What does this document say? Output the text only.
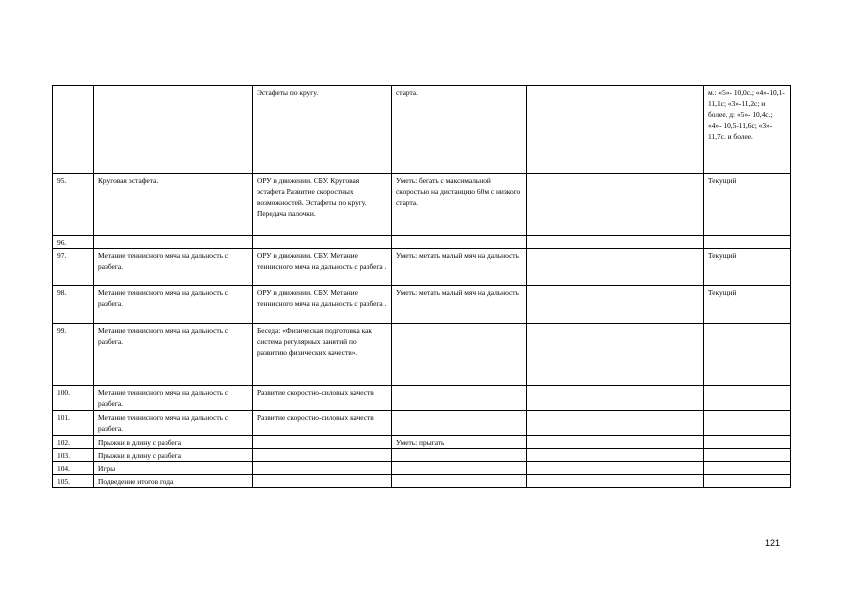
		Эстафеты по кругу.	старта.		м.: «5»- 10,0с.; «4»-10,1-11,1с; «3»-11,2с; и более. д: «5»- 10,4с.; «4»- 10,5-11,6с; «3»- 11,7с. и более.
95.	Круговая эстафета.	ОРУ в движении. СБУ. Круговая эстафета Развитие скоростных возможностей. Эстафеты по кругу. Передача палочки.	Уметь: бегать с максимальной скоростью на дистанцию 60м с низкого старта.		Текущий
96.					
97.	Метание теннисного мяча на дальность с разбега.	ОРУ в движении. СБУ. Метание теннисного мяча на дальность с разбега .	Уметь: метать малый мяч на дальность		Текущий
98.	Метание теннисного мяча на дальность с разбега.	ОРУ в движении. СБУ. Метание теннисного мяча на дальность с разбега .	Уметь: метать малый мяч на дальность		Текущий
99.	Метание теннисного мяча на дальность с разбега.	Беседа: «Физическая подготовка как система регулярных занятий по развитию физических качеств».			
100.	Метание теннисного мяча на дальность с разбега.	Развитие скоростно-силовых качеств			
101.	Метание теннисного мяча на дальность с разбега.	Развитие скоростно-силовых качеств			
102.	Прыжки в длину с разбега		Уметь: прыгать		
103.	Прыжки в длину с разбега				
104.	Игры				
105.	Подведение итогов года				
121
